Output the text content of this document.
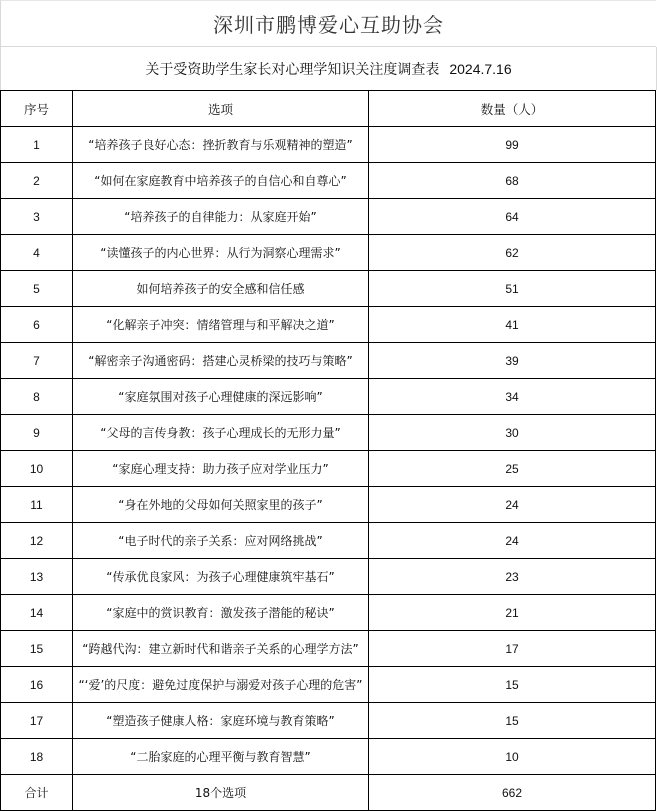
深圳市鹏博爱心互助协会
关于受资助学生家长对心理学知识关注度调查表 2024.7.16
序号	选项	数量（人）
1	“培养孩子良好心态：挫折教育与乐观精神的塑造”	99
2	“如何在家庭教育中培养孩子的自信心和自尊心”	68
3	“培养孩子的自律能力：从家庭开始”	64
4	“读懂孩子的内心世界：从行为洞察心理需求”	62
5	如何培养孩子的安全感和信任感	51
6	“化解亲子冲突：情绪管理与和平解决之道”	41
7	“解密亲子沟通密码：搭建心灵桥梁的技巧与策略”	39
8	“家庭氛围对孩子心理健康的深远影响”	34
9	“父母的言传身教：孩子心理成长的无形力量”	30
10	“家庭心理支持：助力孩子应对学业压力”	25
11	“身在外地的父母如何关照家里的孩子”	24
12	“电子时代的亲子关系：应对网络挑战”	24
13	“传承优良家风：为孩子心理健康筑牢基石”	23
14	“家庭中的赏识教育：激发孩子潜能的秘诀”	21
15	“跨越代沟：建立新时代和谐亲子关系的心理学方法”	17
16	“‘爱’的尺度：避免过度保护与溺爱对孩子心理的危害”	15
17	“塑造孩子健康人格：家庭环境与教育策略”	15
18	“二胎家庭的心理平衡与教育智慧”	10
合计	18个选项	662
